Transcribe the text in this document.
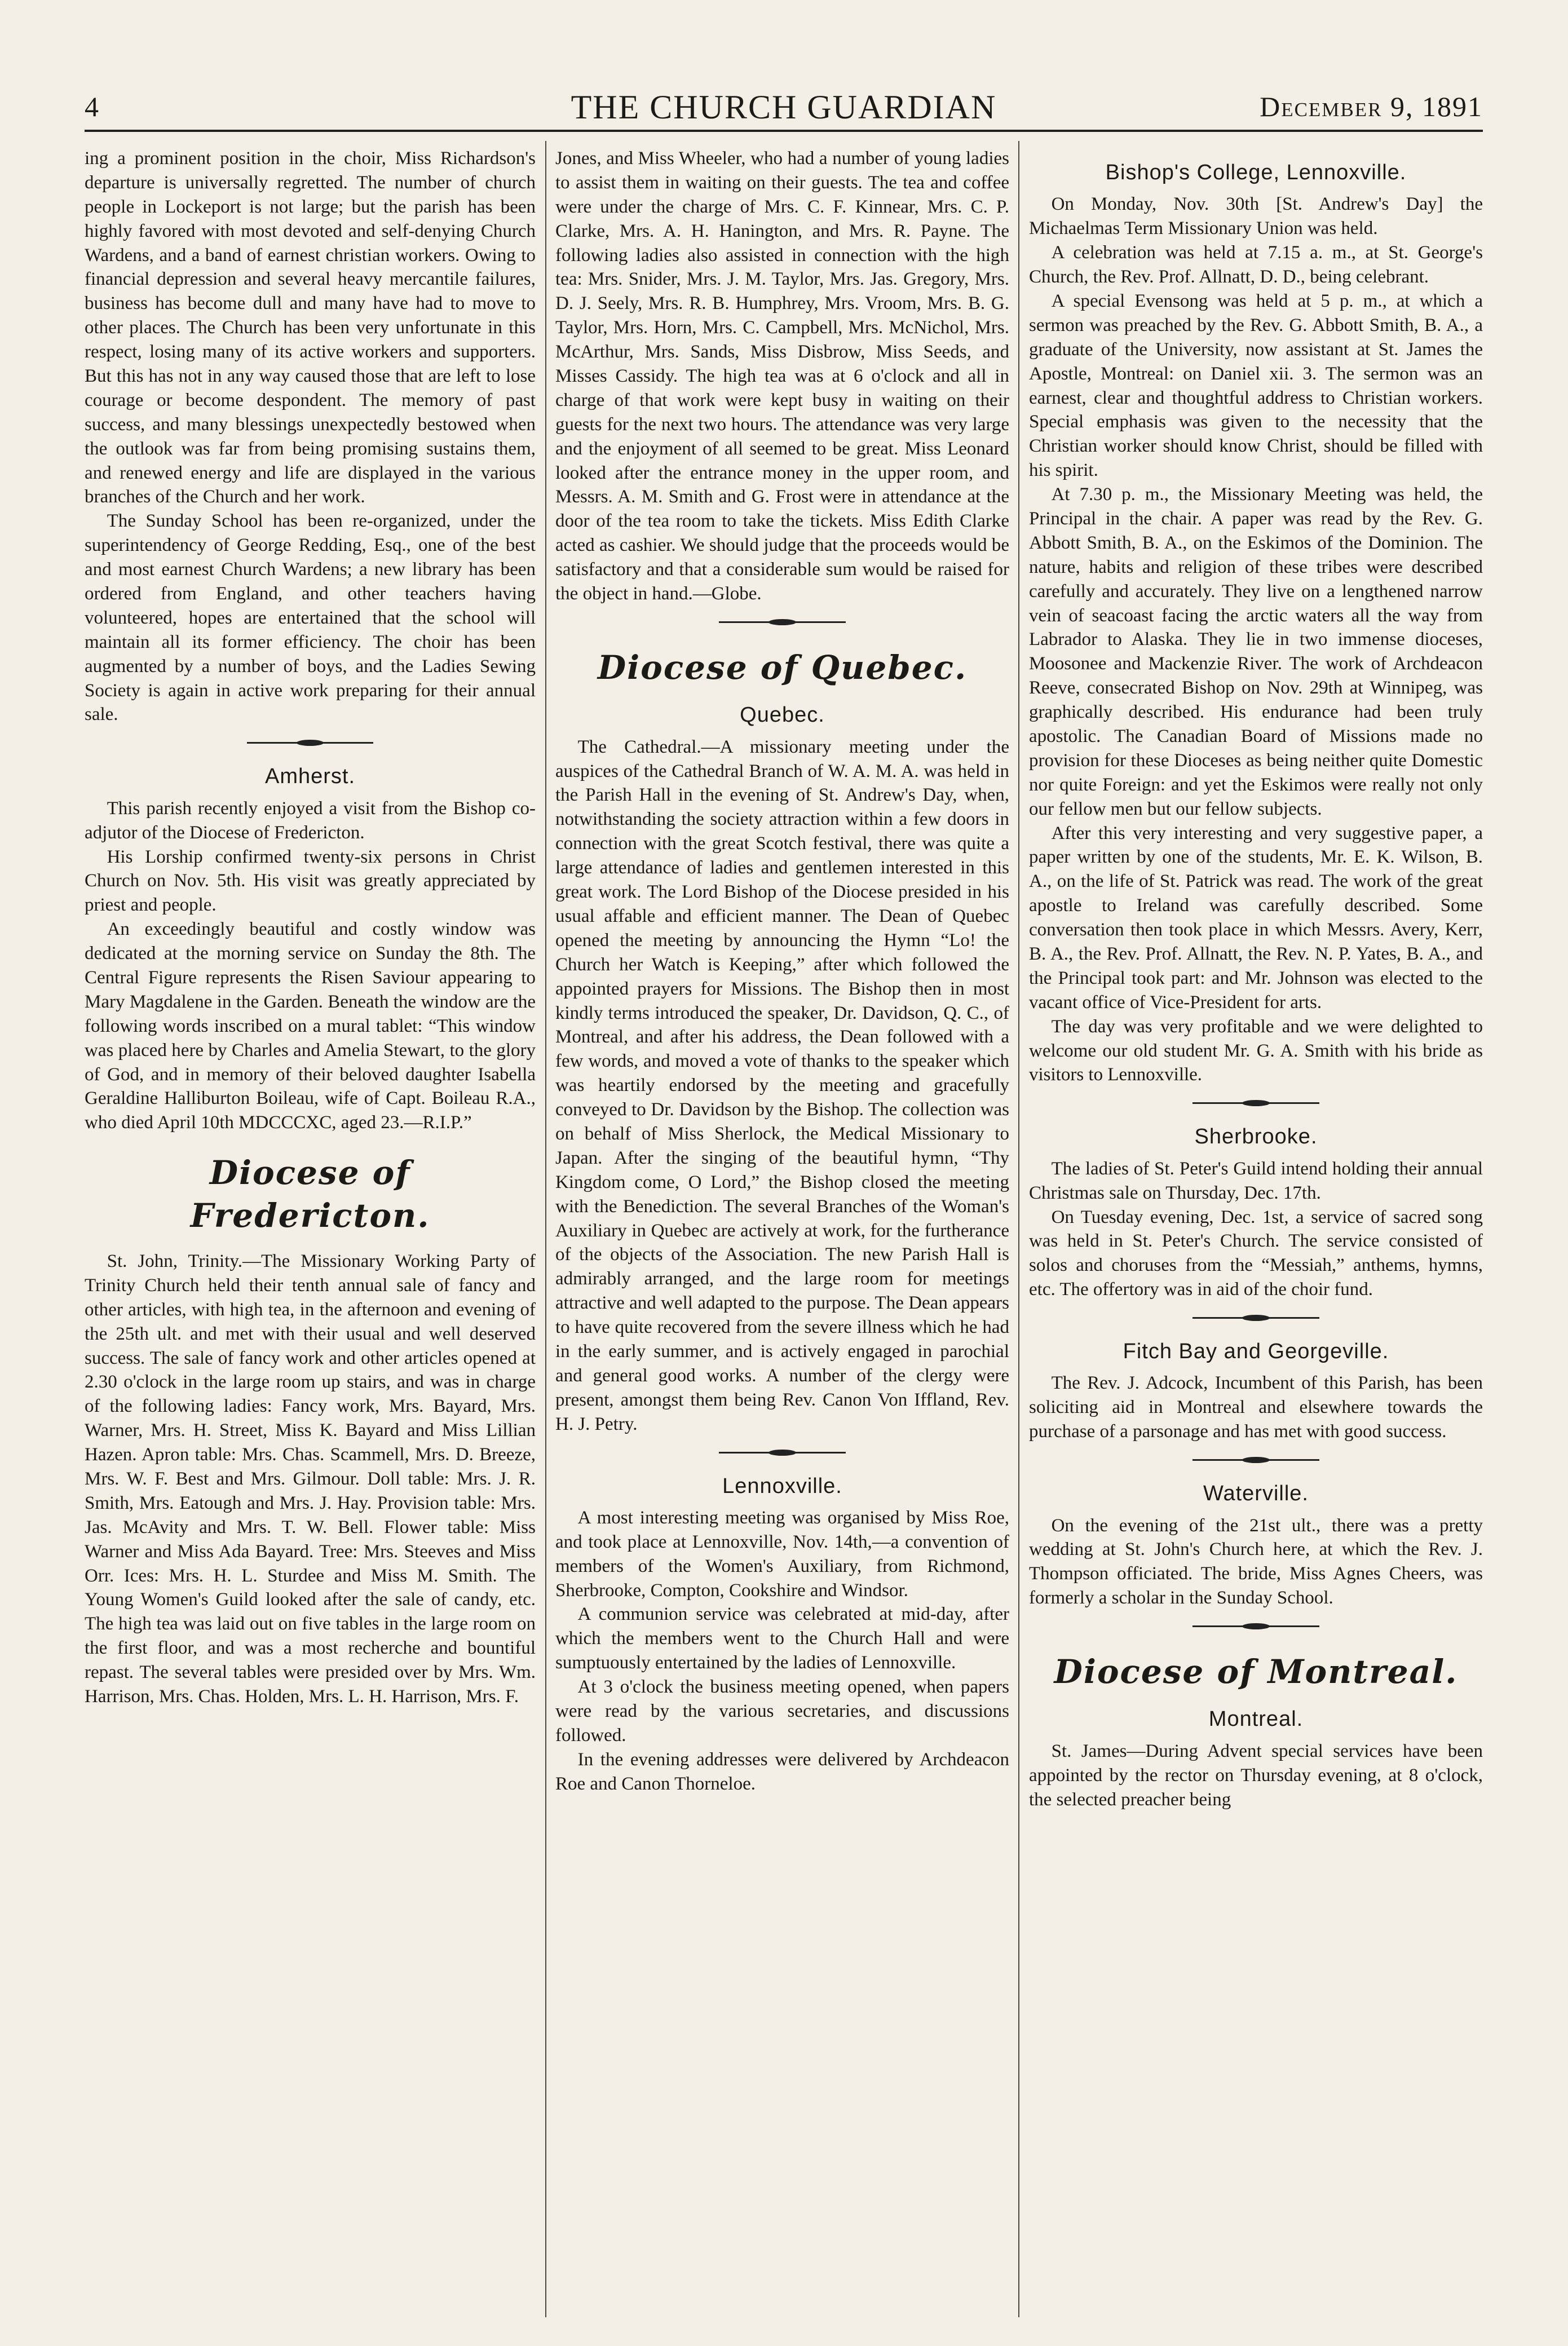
4	THE CHURCH GUARDIAN	December 9, 1891

ing a prominent position in the choir, Miss Richardson's departure is universally regretted. The number of church people in Lockeport is not large; but the parish has been highly favored with most devoted and self-denying Church Wardens, and a band of earnest christian workers. Owing to financial depression and several heavy mercantile failures, business has become dull and many have had to move to other places. The Church has been very unfortunate in this respect, losing many of its active workers and supporters. But this has not in any way caused those that are left to lose courage or become despondent. The memory of past success, and many blessings unexpectedly bestowed when the outlook was far from being promising sustains them, and renewed energy and life are displayed in the various branches of the Church and her work.

The Sunday School has been re-organized, under the superintendency of George Redding, Esq., one of the best and most earnest Church Wardens; a new library has been ordered from England, and other teachers having volunteered, hopes are entertained that the school will maintain all its former efficiency. The choir has been augmented by a number of boys, and the Ladies Sewing Society is again in active work preparing for their annual sale.

Amherst.

This parish recently enjoyed a visit from the Bishop co-adjutor of the Diocese of Fredericton.

His Lorship confirmed twenty-six persons in Christ Church on Nov. 5th. His visit was greatly appreciated by priest and people.

An exceedingly beautiful and costly window was dedicated at the morning service on Sunday the 8th. The Central Figure represents the Risen Saviour appearing to Mary Magdalene in the Garden. Beneath the window are the following words inscribed on a mural tablet: “This window was placed here by Charles and Amelia Stewart, to the glory of God, and in memory of their beloved daughter Isabella Geraldine Halliburton Boileau, wife of Capt. Boileau R.A., who died April 10th MDCCCXC, aged 23.—R.I.P.”

Diocese of Fredericton.

St. John, Trinity.—The Missionary Working Party of Trinity Church held their tenth annual sale of fancy and other articles, with high tea, in the afternoon and evening of the 25th ult. and met with their usual and well deserved success. The sale of fancy work and other articles opened at 2.30 o'clock in the large room up stairs, and was in charge of the following ladies: Fancy work, Mrs. Bayard, Mrs. Warner, Mrs. H. Street, Miss K. Bayard and Miss Lillian Hazen. Apron table: Mrs. Chas. Scammell, Mrs. D. Breeze, Mrs. W. F. Best and Mrs. Gilmour. Doll table: Mrs. J. R. Smith, Mrs. Eatough and Mrs. J. Hay. Provision table: Mrs. Jas. McAvity and Mrs. T. W. Bell. Flower table: Miss Warner and Miss Ada Bayard. Tree: Mrs. Steeves and Miss Orr. Ices: Mrs. H. L. Sturdee and Miss M. Smith. The Young Women's Guild looked after the sale of candy, etc. The high tea was laid out on five tables in the large room on the first floor, and was a most recherche and bountiful repast. The several tables were presided over by Mrs. Wm. Harrison, Mrs. Chas. Holden, Mrs. L. H. Harrison, Mrs. F.

Jones, and Miss Wheeler, who had a number of young ladies to assist them in waiting on their guests. The tea and coffee were under the charge of Mrs. C. F. Kinnear, Mrs. C. P. Clarke, Mrs. A. H. Hanington, and Mrs. R. Payne. The following ladies also assisted in connection with the high tea: Mrs. Snider, Mrs. J. M. Taylor, Mrs. Jas. Gregory, Mrs. D. J. Seely, Mrs. R. B. Humphrey, Mrs. Vroom, Mrs. B. G. Taylor, Mrs. Horn, Mrs. C. Campbell, Mrs. McNichol, Mrs. McArthur, Mrs. Sands, Miss Disbrow, Miss Seeds, and Misses Cassidy. The high tea was at 6 o'clock and all in charge of that work were kept busy in waiting on their guests for the next two hours. The attendance was very large and the enjoyment of all seemed to be great. Miss Leonard looked after the entrance money in the upper room, and Messrs. A. M. Smith and G. Frost were in attendance at the door of the tea room to take the tickets. Miss Edith Clarke acted as cashier. We should judge that the proceeds would be satisfactory and that a considerable sum would be raised for the object in hand.—Globe.

Diocese of Quebec.
Quebec.

The Cathedral.—A missionary meeting under the auspices of the Cathedral Branch of W. A. M. A. was held in the Parish Hall in the evening of St. Andrew's Day, when, notwithstanding the society attraction within a few doors in connection with the great Scotch festival, there was quite a large attendance of ladies and gentlemen interested in this great work. The Lord Bishop of the Diocese presided in his usual affable and efficient manner. The Dean of Quebec opened the meeting by announcing the Hymn “Lo! the Church her Watch is Keeping,” after which followed the appointed prayers for Missions. The Bishop then in most kindly terms introduced the speaker, Dr. Davidson, Q. C., of Montreal, and after his address, the Dean followed with a few words, and moved a vote of thanks to the speaker which was heartily endorsed by the meeting and gracefully conveyed to Dr. Davidson by the Bishop. The collection was on behalf of Miss Sherlock, the Medical Missionary to Japan. After the singing of the beautiful hymn, “Thy Kingdom come, O Lord,” the Bishop closed the meeting with the Benediction. The several Branches of the Woman's Auxiliary in Quebec are actively at work, for the furtherance of the objects of the Association. The new Parish Hall is admirably arranged, and the large room for meetings attractive and well adapted to the purpose. The Dean appears to have quite recovered from the severe illness which he had in the early summer, and is actively engaged in parochial and general good works. A number of the clergy were present, amongst them being Rev. Canon Von Iffland, Rev. H. J. Petry.

Lennoxville.

A most interesting meeting was organised by Miss Roe, and took place at Lennoxville, Nov. 14th,—a convention of members of the Women's Auxiliary, from Richmond, Sherbrooke, Compton, Cookshire and Windsor.

A communion service was celebrated at mid-day, after which the members went to the Church Hall and were sumptuously entertained by the ladies of Lennoxville.

At 3 o'clock the business meeting opened, when papers were read by the various secretaries, and discussions followed.

In the evening addresses were delivered by Archdeacon Roe and Canon Thorneloe.

Bishop's College, Lennoxville.

On Monday, Nov. 30th [St. Andrew's Day] the Michaelmas Term Missionary Union was held.

A celebration was held at 7.15 a. m., at St. George's Church, the Rev. Prof. Allnatt, D. D., being celebrant.

A special Evensong was held at 5 p. m., at which a sermon was preached by the Rev. G. Abbott Smith, B. A., a graduate of the University, now assistant at St. James the Apostle, Montreal: on Daniel xii. 3. The sermon was an earnest, clear and thoughtful address to Christian workers. Special emphasis was given to the necessity that the Christian worker should know Christ, should be filled with his spirit.

At 7.30 p. m., the Missionary Meeting was held, the Principal in the chair. A paper was read by the Rev. G. Abbott Smith, B. A., on the Eskimos of the Dominion. The nature, habits and religion of these tribes were described carefully and accurately. They live on a lengthened narrow vein of seacoast facing the arctic waters all the way from Labrador to Alaska. They lie in two immense dioceses, Moosonee and Mackenzie River. The work of Archdeacon Reeve, consecrated Bishop on Nov. 29th at Winnipeg, was graphically described. His endurance had been truly apostolic. The Canadian Board of Missions made no provision for these Dioceses as being neither quite Domestic nor quite Foreign: and yet the Eskimos were really not only our fellow men but our fellow subjects.

After this very interesting and very suggestive paper, a paper written by one of the students, Mr. E. K. Wilson, B. A., on the life of St. Patrick was read. The work of the great apostle to Ireland was carefully described. Some conversation then took place in which Messrs. Avery, Kerr, B. A., the Rev. Prof. Allnatt, the Rev. N. P. Yates, B. A., and the Principal took part: and Mr. Johnson was elected to the vacant office of Vice-President for arts.

The day was very profitable and we were delighted to welcome our old student Mr. G. A. Smith with his bride as visitors to Lennoxville.

Sherbrooke.

The ladies of St. Peter's Guild intend holding their annual Christmas sale on Thursday, Dec. 17th.

On Tuesday evening, Dec. 1st, a service of sacred song was held in St. Peter's Church. The service consisted of solos and choruses from the “Messiah,” anthems, hymns, etc. The offertory was in aid of the choir fund.

Fitch Bay and Georgeville.

The Rev. J. Adcock, Incumbent of this Parish, has been soliciting aid in Montreal and elsewhere towards the purchase of a parsonage and has met with good success.

Waterville.

On the evening of the 21st ult., there was a pretty wedding at St. John's Church here, at which the Rev. J. Thompson officiated. The bride, Miss Agnes Cheers, was formerly a scholar in the Sunday School.

Diocese of Montreal.
Montreal.

St. James—During Advent special services have been appointed by the rector on Thursday evening, at 8 o'clock, the selected preacher being
